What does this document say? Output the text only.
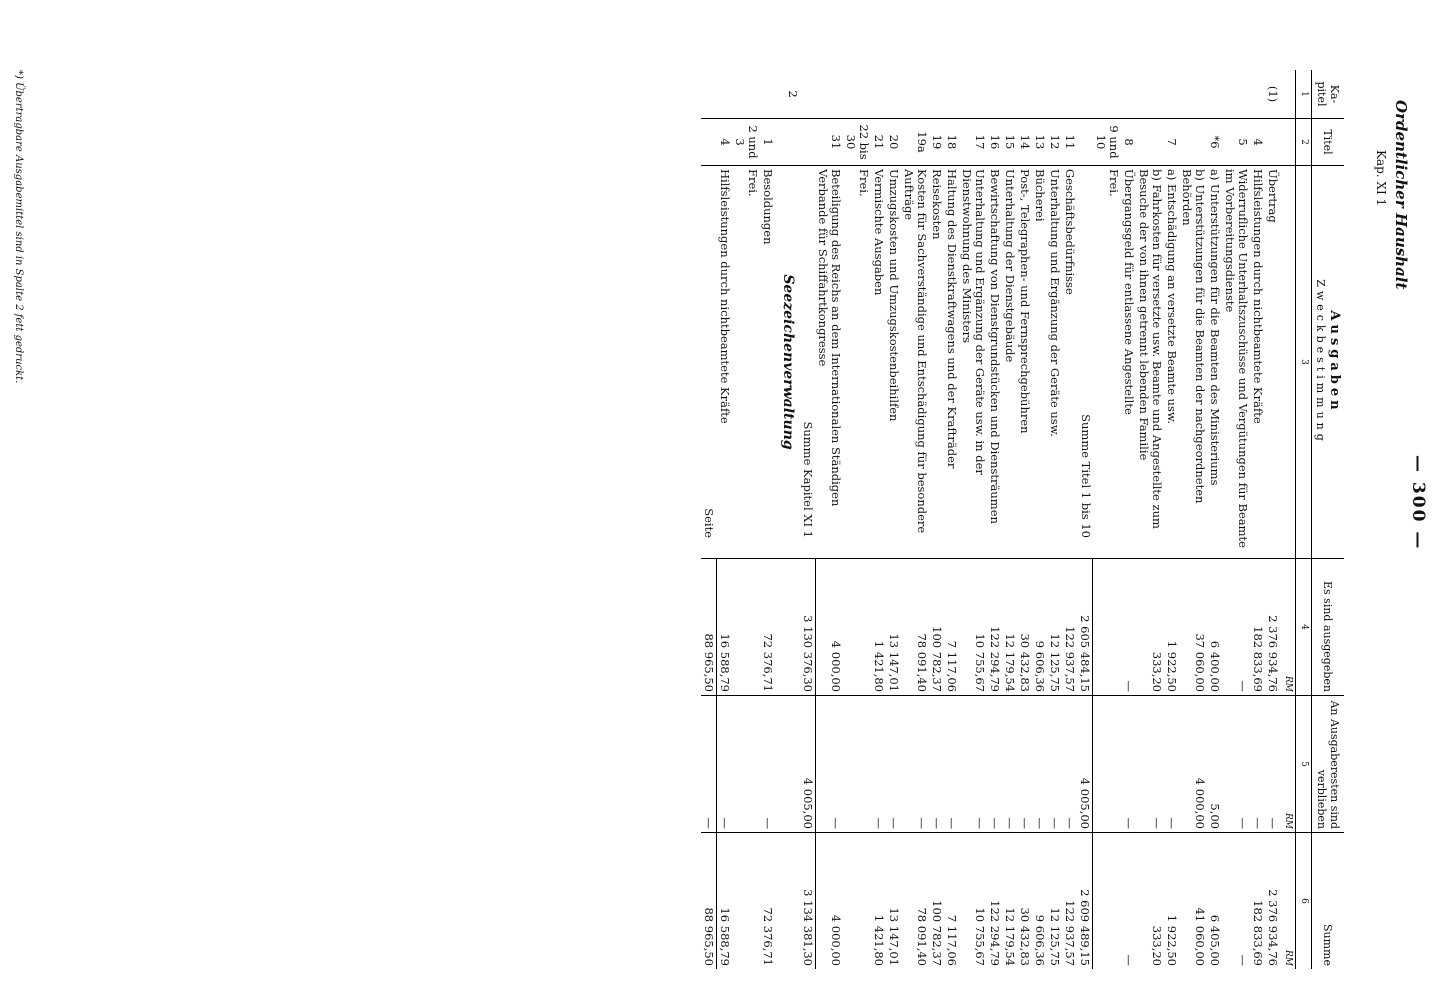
— 300 —
Ordentlicher Haushalt
Kap. XI 1
Ka-pitel	Titel	Ausgaben
Zweckbestimmung	Es sind ausgegeben	An Ausgaberesten sind verblieben	Summe
1	2	3	4	5	6
			RM	RM	RM
(1)		Übertrag	2 376 934,76	—	2 376 934,76
	4	Hilfsleistungen durch nichtbeamtete Kräfte	182 833,69	—	182 833,69
	5	Widerrufliche Unterhaltszuschüsse und Vergütungen für Beamte im Vorbereitungsdienste	—	—	—
	*6	a) Unterstützungen für die Beamten des Ministeriums	6 400,00	5,00	6 405,00
		b) Unterstützungen für die Beamten der nachgeordneten Behörden	37 060,00	4 000,00	41 060,00
	7	a) Entschädigung an versetzte Beamte usw.	1 922,50	—	1 922,50
		b) Fahrkosten für versetzte usw. Beamte und Angestellte zum Besuche der von ihnen getrennt lebenden Familie	333,20	—	333,20
	8	Übergangsgeld für entlassene Angestellte	—	—	—
	9 und 10	Frei.			
		Summe Titel 1 bis 10	2 605 484,15	4 005,00	2 609 489,15
	11	Geschäftsbedürfnisse	122 937,57	—	122 937,57
	12	Unterhaltung und Ergänzung der Geräte usw.	12 125,75	—	12 125,75
	13	Bücherei	9 606,36	—	9 606,36
	14	Post-, Telegraphen- und Fernsprechgebühren	30 432,83	—	30 432,83
	15	Unterhaltung der Dienstgebäude	12 179,54	—	12 179,54
	16	Bewirtschaftung von Dienstgrundstücken und Diensträumen	122 294,79	—	122 294,79
	17	Unterhaltung und Ergänzung der Geräte usw. in der Dienstwohnung des Ministers	10 755,67	—	10 755,67
	18	Haltung des Dienstkraftwagens und der Krafträder	7 117,06	—	7 117,06
	19	Reisekosten	100 782,37	—	100 782,37
	19a	Kosten für Sachverständige und Entschädigung für besondere Aufträge	78 091,40	—	78 091,40
	20	Umzugskosten und Umzugskostenbeihilfen	13 147,01	—	13 147,01
	21	Vermischte Ausgaben	1 421,80	—	1 421,80
	22 bis 30	Frei.			
	31	Beteiligung des Reichs an dem Internationalen Ständigen Verbande für Schiffahrtkongresse	4 000,00	—	4 000,00
		Summe Kapitel XI 1	3 130 376,30	4 005,00	3 134 381,30
2		Seezeichenverwaltung			
	1	Besoldungen	72 376,71	—	72 376,71
	2 und 3	Frei.			
	4	Hilfsleistungen durch nichtbeamtete Kräfte	16 588,79	—	16 588,79
		Seite	88 965,50	—	88 965,50
*) Übertragbare Ausgabemittel sind in Spalte 2 fett gedruckt.
